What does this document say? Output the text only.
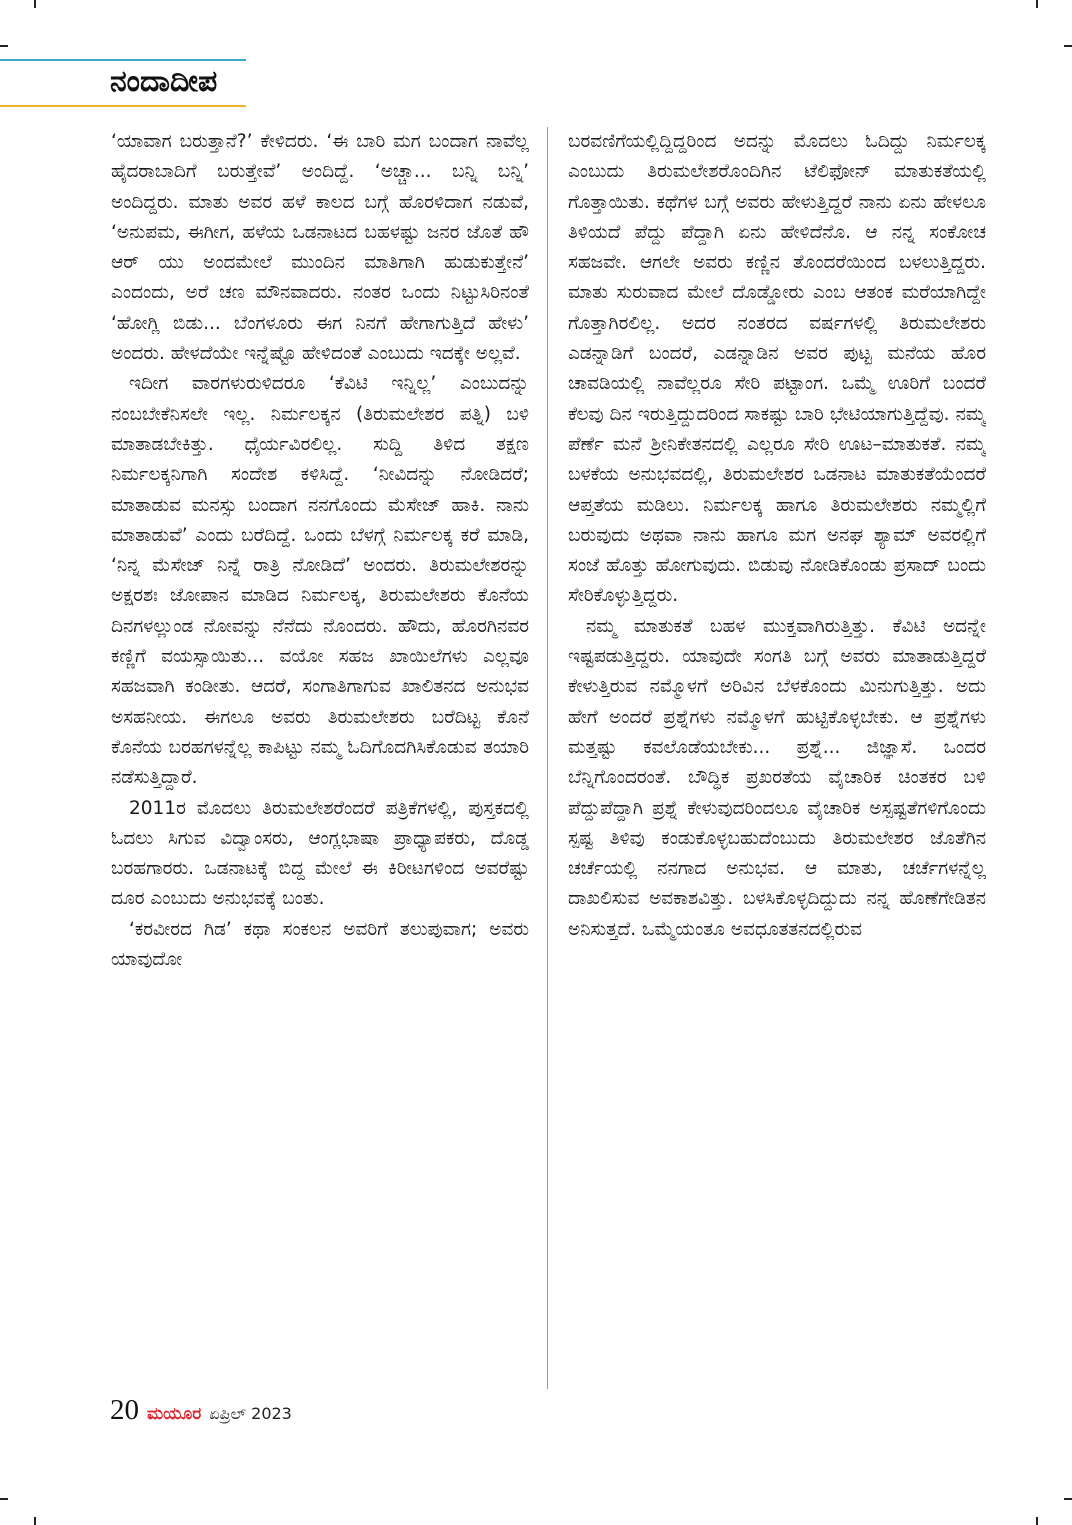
ನಂದಾದೀಪ

‘ಯಾವಾಗ ಬರುತ್ತಾನೆ?’ ಕೇಳಿದರು. ‘ಈ ಬಾರಿ ಮಗ ಬಂದಾಗ ನಾವೆಲ್ಲ ಹೈದರಾಬಾದಿಗೆ ಬರುತ್ತೇವೆ’ ಅಂದಿದ್ದೆ. ‘ಅಚ್ಚಾ... ಬನ್ನಿ ಬನ್ನಿ’ ಅಂದಿದ್ದರು. ಮಾತು ಅವರ ಹಳೆ ಕಾಲದ ಬಗ್ಗೆ ಹೊರಳಿದಾಗ ನಡುವೆ, ‘ಅನುಪಮ, ಈಗೀಗ, ಹಳೆಯ ಒಡನಾಟದ ಬಹಳಷ್ಟು ಜನರ ಜೊತೆ ಹೌ ಆರ್ ಯು ಅಂದಮೇಲೆ ಮುಂದಿನ ಮಾತಿಗಾಗಿ ಹುಡುಕುತ್ತೇನೆ’ ಎಂದಂದು, ಅರೆ ಚಣ ಮೌನವಾದರು. ನಂತರ ಒಂದು ನಿಟ್ಟುಸಿರಿನಂತೆ ‘ಹೋಗ್ಲಿ ಬಿಡು... ಬೆಂಗಳೂರು ಈಗ ನಿನಗೆ ಹೇಗಾಗುತ್ತಿದೆ ಹೇಳು’ ಅಂದರು. ಹೇಳದೆಯೇ ಇನ್ನೆಷ್ಟೊ ಹೇಳಿದಂತೆ ಎಂಬುದು ಇದಕ್ಕೇ ಅಲ್ಲವೆ.

ಇದೀಗ ವಾರಗಳುರುಳಿದರೂ ‘ಕೆವಿಟಿ ಇನ್ನಿಲ್ಲ’ ಎಂಬುದನ್ನು ನಂಬಬೇಕೆನಿಸಲೇ ಇಲ್ಲ. ನಿರ್ಮಲಕ್ಕನ (ತಿರುಮಲೇಶರ ಪತ್ನಿ) ಬಳಿ ಮಾತಾಡಬೇಕಿತ್ತು. ಧೈರ್ಯವಿರಲಿಲ್ಲ. ಸುದ್ದಿ ತಿಳಿದ ತಕ್ಷಣ ನಿರ್ಮಲಕ್ಕನಿಗಾಗಿ ಸಂದೇಶ ಕಳಿಸಿದ್ದೆ. ‘ನೀವಿದನ್ನು ನೋಡಿದರೆ; ಮಾತಾಡುವ ಮನಸ್ಸು ಬಂದಾಗ ನನಗೊಂದು ಮೆಸೇಜ್ ಹಾಕಿ. ನಾನು ಮಾತಾಡುವೆ’ ಎಂದು ಬರೆದಿದ್ದೆ. ಒಂದು ಬೆಳಗ್ಗೆ ನಿರ್ಮಲಕ್ಕ ಕರೆ ಮಾಡಿ, ‘ನಿನ್ನ ಮೆಸೇಜ್ ನಿನ್ನೆ ರಾತ್ರಿ ನೋಡಿದೆ’ ಅಂದರು. ತಿರುಮಲೇಶರನ್ನು ಅಕ್ಷರಶಃ ಜೋಪಾನ ಮಾಡಿದ ನಿರ್ಮಲಕ್ಕ, ತಿರುಮಲೇಶರು ಕೊನೆಯ ದಿನಗಳಲ್ಲುಂಡ ನೋವನ್ನು ನೆನೆದು ನೊಂದರು. ಹೌದು, ಹೊರಗಿನವರ ಕಣ್ಣಿಗೆ ವಯಸ್ಸಾಯಿತು... ವಯೋ ಸಹಜ ಖಾಯಿಲೆಗಳು ಎಲ್ಲವೂ ಸಹಜವಾಗಿ ಕಂಡೀತು. ಆದರೆ, ಸಂಗಾತಿಗಾಗುವ ಖಾಲಿತನದ ಅನುಭವ ಅಸಹನೀಯ. ಈಗಲೂ ಅವರು ತಿರುಮಲೇಶರು ಬರೆದಿಟ್ಟ ಕೊನೆ ಕೊನೆಯ ಬರಹಗಳನ್ನೆಲ್ಲ ಕಾಪಿಟ್ಟು ನಮ್ಮ ಓದಿಗೊದಗಿಸಿಕೊಡುವ ತಯಾರಿ ನಡೆಸುತ್ತಿದ್ದಾರೆ.

2011ರ ಮೊದಲು ತಿರುಮಲೇಶರೆಂದರೆ ಪತ್ರಿಕೆಗಳಲ್ಲಿ, ಪುಸ್ತಕದಲ್ಲಿ ಓದಲು ಸಿಗುವ ವಿದ್ವಾಂಸರು, ಆಂಗ್ಲಭಾಷಾ ಪ್ರಾಧ್ಯಾಪಕರು, ದೊಡ್ಡ ಬರಹಗಾರರು. ಒಡನಾಟಕ್ಕೆ ಬಿದ್ದ ಮೇಲೆ ಈ ಕಿರೀಟಗಳಿಂದ ಅವರೆಷ್ಟು ದೂರ ಎಂಬುದು ಅನುಭವಕ್ಕೆ ಬಂತು.

‘ಕರವೀರದ ಗಿಡ’ ಕಥಾ ಸಂಕಲನ ಅವರಿಗೆ ತಲುಪುವಾಗ; ಅವರು ಯಾವುದೋ

ಬರವಣಿಗೆಯಲ್ಲಿದ್ದಿದ್ದರಿಂದ ಅದನ್ನು ಮೊದಲು ಓದಿದ್ದು ನಿರ್ಮಲಕ್ಕ ಎಂಬುದು ತಿರುಮಲೇಶರೊಂದಿಗಿನ ಟೆಲಿಫೋನ್ ಮಾತುಕತೆಯಲ್ಲಿ ಗೊತ್ತಾಯಿತು. ಕಥೆಗಳ ಬಗ್ಗೆ ಅವರು ಹೇಳುತ್ತಿದ್ದರೆ ನಾನು ಏನು ಹೇಳಲೂ ತಿಳಿಯದೆ ಪೆದ್ದು ಪೆದ್ದಾಗಿ ಏನು ಹೇಳಿದೆನೊ. ಆ ನನ್ನ ಸಂಕೋಚ ಸಹಜವೇ. ಆಗಲೇ ಅವರು ಕಣ್ಣಿನ ತೊಂದರೆಯಿಂದ ಬಳಲುತ್ತಿದ್ದರು. ಮಾತು ಸುರುವಾದ ಮೇಲೆ ದೊಡ್ಡೋರು ಎಂಬ ಆತಂಕ ಮರೆಯಾಗಿದ್ದೇ ಗೊತ್ತಾಗಿರಲಿಲ್ಲ. ಅದರ ನಂತರದ ವರ್ಷಗಳಲ್ಲಿ ತಿರುಮಲೇಶರು ಎಡನ್ನಾಡಿಗೆ ಬಂದರೆ, ಎಡನ್ನಾಡಿನ ಅವರ ಪುಟ್ಟ ಮನೆಯ ಹೊರ ಚಾವಡಿಯಲ್ಲಿ ನಾವೆಲ್ಲರೂ ಸೇರಿ ಪಟ್ಟಾಂಗ. ಒಮ್ಮೆ ಊರಿಗೆ ಬಂದರೆ ಕೆಲವು ದಿನ ಇರುತ್ತಿದ್ದುದರಿಂದ ಸಾಕಷ್ಟು ಬಾರಿ ಭೇಟಿಯಾಗುತ್ತಿದ್ದೆವು. ನಮ್ಮ ಪೆರ್ಣೆ ಮನೆ ಶ್ರೀನಿಕೇತನದಲ್ಲಿ ಎಲ್ಲರೂ ಸೇರಿ ಊಟ–ಮಾತುಕತೆ. ನಮ್ಮ ಬಳಕೆಯ ಅನುಭವದಲ್ಲಿ, ತಿರುಮಲೇಶರ ಒಡನಾಟ ಮಾತುಕತೆಯೆಂದರೆ ಆಪ್ತತೆಯ ಮಡಿಲು. ನಿರ್ಮಲಕ್ಕ ಹಾಗೂ ತಿರುಮಲೇಶರು ನಮ್ಮಲ್ಲಿಗೆ ಬರುವುದು ಅಥವಾ ನಾನು ಹಾಗೂ ಮಗ ಅನಘ ಶ್ಯಾಮ್ ಅವರಲ್ಲಿಗೆ ಸಂಜೆ ಹೊತ್ತು ಹೋಗುವುದು. ಬಿಡುವು ನೋಡಿಕೊಂಡು ಪ್ರಸಾದ್ ಬಂದು ಸೇರಿಕೊಳ್ಳುತ್ತಿದ್ದರು.

ನಮ್ಮ ಮಾತುಕತೆ ಬಹಳ ಮುಕ್ತವಾಗಿರುತ್ತಿತ್ತು. ಕೆವಿಟಿ ಅದನ್ನೇ ಇಷ್ಟಪಡುತ್ತಿದ್ದರು. ಯಾವುದೇ ಸಂಗತಿ ಬಗ್ಗೆ ಅವರು ಮಾತಾಡುತ್ತಿದ್ದರೆ ಕೇಳುತ್ತಿರುವ ನಮ್ಮೊಳಗೆ ಅರಿವಿನ ಬೆಳಕೊಂದು ಮಿನುಗುತ್ತಿತ್ತು. ಅದು ಹೇಗೆ ಅಂದರೆ ಪ್ರಶ್ನೆಗಳು ನಮ್ಮೊಳಗೆ ಹುಟ್ಟಿಕೊಳ್ಳಬೇಕು. ಆ ಪ್ರಶ್ನೆಗಳು ಮತ್ತಷ್ಟು ಕವಲೊಡೆಯಬೇಕು... ಪ್ರಶ್ನೆ... ಜಿಜ್ಞಾಸೆ. ಒಂದರ ಬೆನ್ನಿಗೊಂದರಂತೆ. ಬೌದ್ಧಿಕ ಪ್ರಖರತೆಯ ವೈಚಾರಿಕ ಚಿಂತಕರ ಬಳಿ ಪೆದ್ದುಪೆದ್ದಾಗಿ ಪ್ರಶ್ನೆ ಕೇಳುವುದರಿಂದಲೂ ವೈಚಾರಿಕ ಅಸ್ಪಷ್ಟತೆಗಳಿಗೊಂದು ಸ್ಪಷ್ಟ ತಿಳಿವು ಕಂಡುಕೊಳ್ಳಬಹುದೆಂಬುದು ತಿರುಮಲೇಶರ ಜೊತೆಗಿನ ಚರ್ಚೆಯಲ್ಲಿ ನನಗಾದ ಅನುಭವ. ಆ ಮಾತು, ಚರ್ಚೆಗಳನ್ನೆಲ್ಲ ದಾಖಲಿಸುವ ಅವಕಾಶವಿತ್ತು. ಬಳಸಿಕೊಳ್ಳದಿದ್ದುದು ನನ್ನ ಹೊಣೆಗೇಡಿತನ ಅನಿಸುತ್ತದೆ. ಒಮ್ಮೆಯಂತೂ ಅವಧೂತತನದಲ್ಲಿರುವ

20 ಮಯೂರ ಏಪ್ರಿಲ್ 2023
